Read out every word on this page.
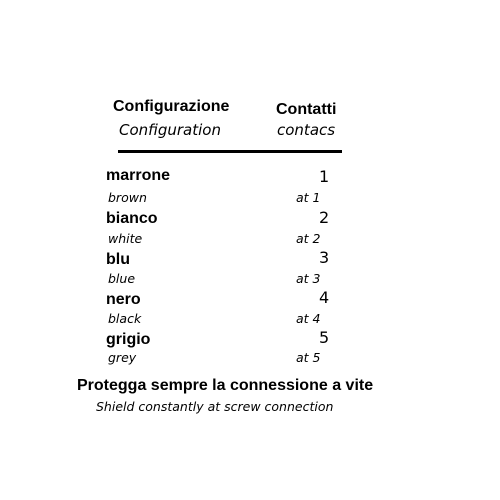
Configurazione
Configuration
Contatti
contacs
marrone
brown
1
at 1
bianco
white
2
at 2
blu
blue
3
at 3
nero
black
4
at 4
grigio
grey
5
at 5
Protegga sempre la connessione a vite
Shield constantly at screw connection
